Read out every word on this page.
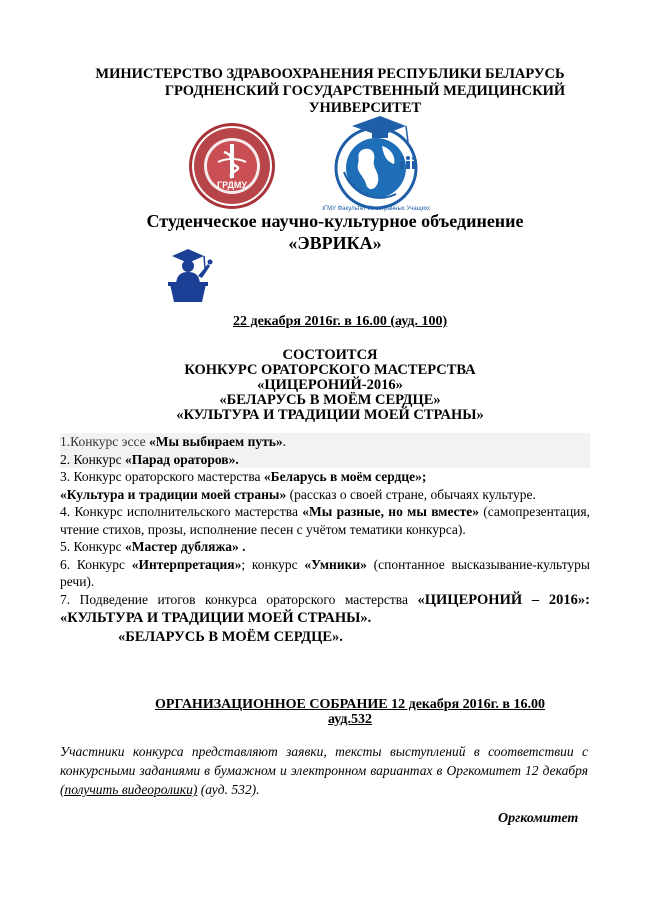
МИНИСТЕРСТВО ЗДРАВООХРАНЕНИЯ РЕСПУБЛИКИ БЕЛАРУСЬ
ГРОДНЕНСКИЙ ГОСУДАРСТВЕННЫЙ МЕДИЦИНСКИЙ
УНИВЕРСИТЕТ
ГРДМУ
ГрГМУ Факультет Иностранных Учащихся
Студенческое научно-культурное объединение
«ЭВРИКА»
22 декабря 2016г. в 16.00 (ауд. 100)
СОСТОИТСЯ
КОНКУРС ОРАТОРСКОГО МАСТЕРСТВА
«ЦИЦЕРОНИЙ-2016»
«БЕЛАРУСЬ В МОЁМ СЕРДЦЕ»
«КУЛЬТУРА И ТРАДИЦИИ МОЕЙ СТРАНЫ»

1.Конкурс эссе «Мы выбираем путь».

2. Конкурс «Парад ораторов».

3. Конкурс ораторского мастерства «Беларусь в моём сердце»;
«Культура и традиции моей страны» (рассказ о своей стране, обычаях культуре.

4. Конкурс исполнительского мастерства «Мы разные, но мы вместе» (самопрезентация, чтение стихов, прозы, исполнение песен с учётом тематики конкурса).

5. Конкурс «Мастер дубляжа» .

6. Конкурс «Интерпретация»; конкурс «Умники» (спонтанное высказывание-культуры речи).

7. Подведение итогов конкурса ораторского мастерства «ЦИЦЕРОНИЙ – 2016»: «КУЛЬТУРА И ТРАДИЦИИ МОЕЙ СТРАНЫ».

«БЕЛАРУСЬ В МОЁМ СЕРДЦЕ».

ОРГАНИЗАЦИОННОЕ СОБРАНИЕ 12 декабря 2016г. в 16.00
ауд.532
Участники конкурса представляют заявки, тексты выступлений в соответствии с конкурсными заданиями в бумажном и электронном вариантах в Оргкомитет 12 декабря (получить видеоролики) (ауд. 532).
Оргкомитет
